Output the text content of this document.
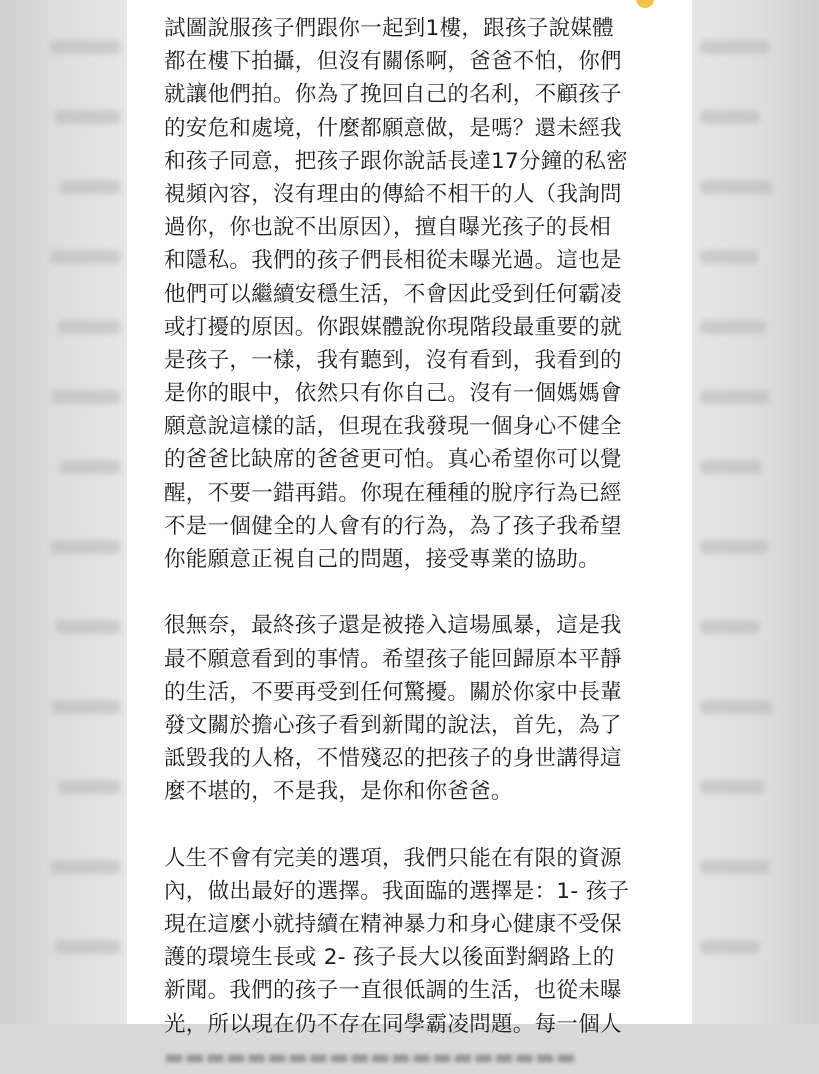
試圖說服孩子們跟你一起到1樓，跟孩子說媒體
都在樓下拍攝，但沒有關係啊，爸爸不怕，你們
就讓他們拍。你為了挽回自己的名利，不顧孩子
的安危和處境，什麼都願意做，是嗎？還未經我
和孩子同意，把孩子跟你說話長達17分鐘的私密
視頻內容，沒有理由的傳給不相干的人（我詢問
過你，你也說不出原因），擅自曝光孩子的長相
和隱私。我們的孩子們長相從未曝光過。這也是
他們可以繼續安穩生活，不會因此受到任何霸凌
或打擾的原因。你跟媒體說你現階段最重要的就
是孩子，一樣，我有聽到，沒有看到，我看到的
是你的眼中，依然只有你自己。沒有一個媽媽會
願意說這樣的話，但現在我發現一個身心不健全
的爸爸比缺席的爸爸更可怕。真心希望你可以覺
醒，不要一錯再錯。你現在種種的脫序行為已經
不是一個健全的人會有的行為，為了孩子我希望
你能願意正視自己的問題，接受專業的協助。
很無奈，最終孩子還是被捲入這場風暴，這是我
最不願意看到的事情。希望孩子能回歸原本平靜
的生活，不要再受到任何驚擾。關於你家中長輩
發文關於擔心孩子看到新聞的說法，首先，為了
詆毀我的人格，不惜殘忍的把孩子的身世講得這
麼不堪的，不是我，是你和你爸爸。
人生不會有完美的選項，我們只能在有限的資源
內，做出最好的選擇。我面臨的選擇是：1- 孩子
現在這麼小就持續在精神暴力和身心健康不受保
護的環境生長或 2- 孩子長大以後面對網路上的
新聞。我們的孩子一直很低調的生活，也從未曝
光，所以現在仍不存在同學霸凌問題。每一個人
▬▬▬▬▬▬▬▬▬▬▬▬▬▬▬▬▬▬▬▬
